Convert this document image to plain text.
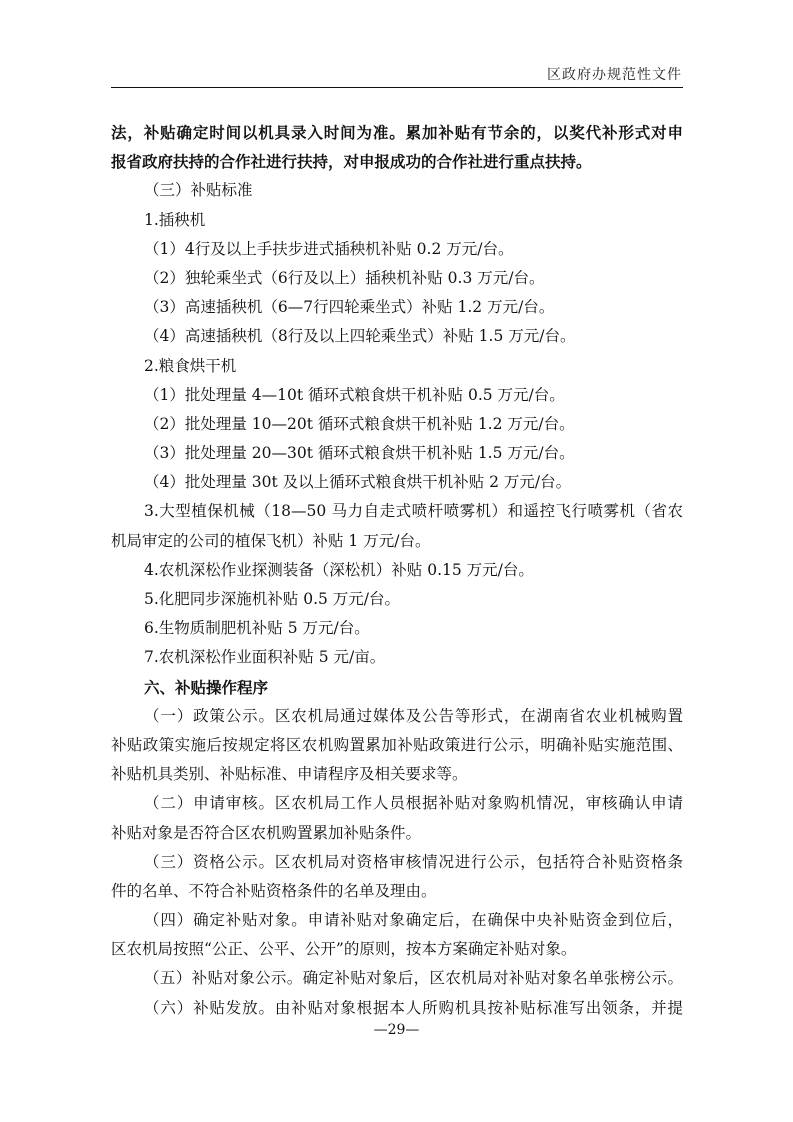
区政府办规范性文件
法，补贴确定时间以机具录入时间为准。累加补贴有节余的，以奖代补形式对申
报省政府扶持的合作社进行扶持，对申报成功的合作社进行重点扶持。
（三）补贴标准
1.插秧机
（1）4行及以上手扶步进式插秧机补贴 0.2 万元/台。
（2）独轮乘坐式（6行及以上）插秧机补贴 0.3 万元/台。
（3）高速插秧机（6—7行四轮乘坐式）补贴 1.2 万元/台。
（4）高速插秧机（8行及以上四轮乘坐式）补贴 1.5 万元/台。
2.粮食烘干机
（1）批处理量 4—10t 循环式粮食烘干机补贴 0.5 万元/台。
（2）批处理量 10—20t 循环式粮食烘干机补贴 1.2 万元/台。
（3）批处理量 20—30t 循环式粮食烘干机补贴 1.5 万元/台。
（4）批处理量 30t 及以上循环式粮食烘干机补贴 2 万元/台。
3.大型植保机械（18—50 马力自走式喷杆喷雾机）和遥控飞行喷雾机（省农
机局审定的公司的植保飞机）补贴 1 万元/台。
4.农机深松作业探测装备（深松机）补贴 0.15 万元/台。
5.化肥同步深施机补贴 0.5 万元/台。
6.生物质制肥机补贴 5 万元/台。
7.农机深松作业面积补贴 5 元/亩。
六、补贴操作程序
（一）政策公示。区农机局通过媒体及公告等形式，在湖南省农业机械购置
补贴政策实施后按规定将区农机购置累加补贴政策进行公示，明确补贴实施范围、
补贴机具类别、补贴标准、申请程序及相关要求等。
（二）申请审核。区农机局工作人员根据补贴对象购机情况，审核确认申请
补贴对象是否符合区农机购置累加补贴条件。
（三）资格公示。区农机局对资格审核情况进行公示，包括符合补贴资格条
件的名单、不符合补贴资格条件的名单及理由。
（四）确定补贴对象。申请补贴对象确定后，在确保中央补贴资金到位后，
区农机局按照“公正、公平、公开”的原则，按本方案确定补贴对象。
（五）补贴对象公示。确定补贴对象后，区农机局对补贴对象名单张榜公示。
（六）补贴发放。由补贴对象根据本人所购机具按补贴标准写出领条，并提
—29—
